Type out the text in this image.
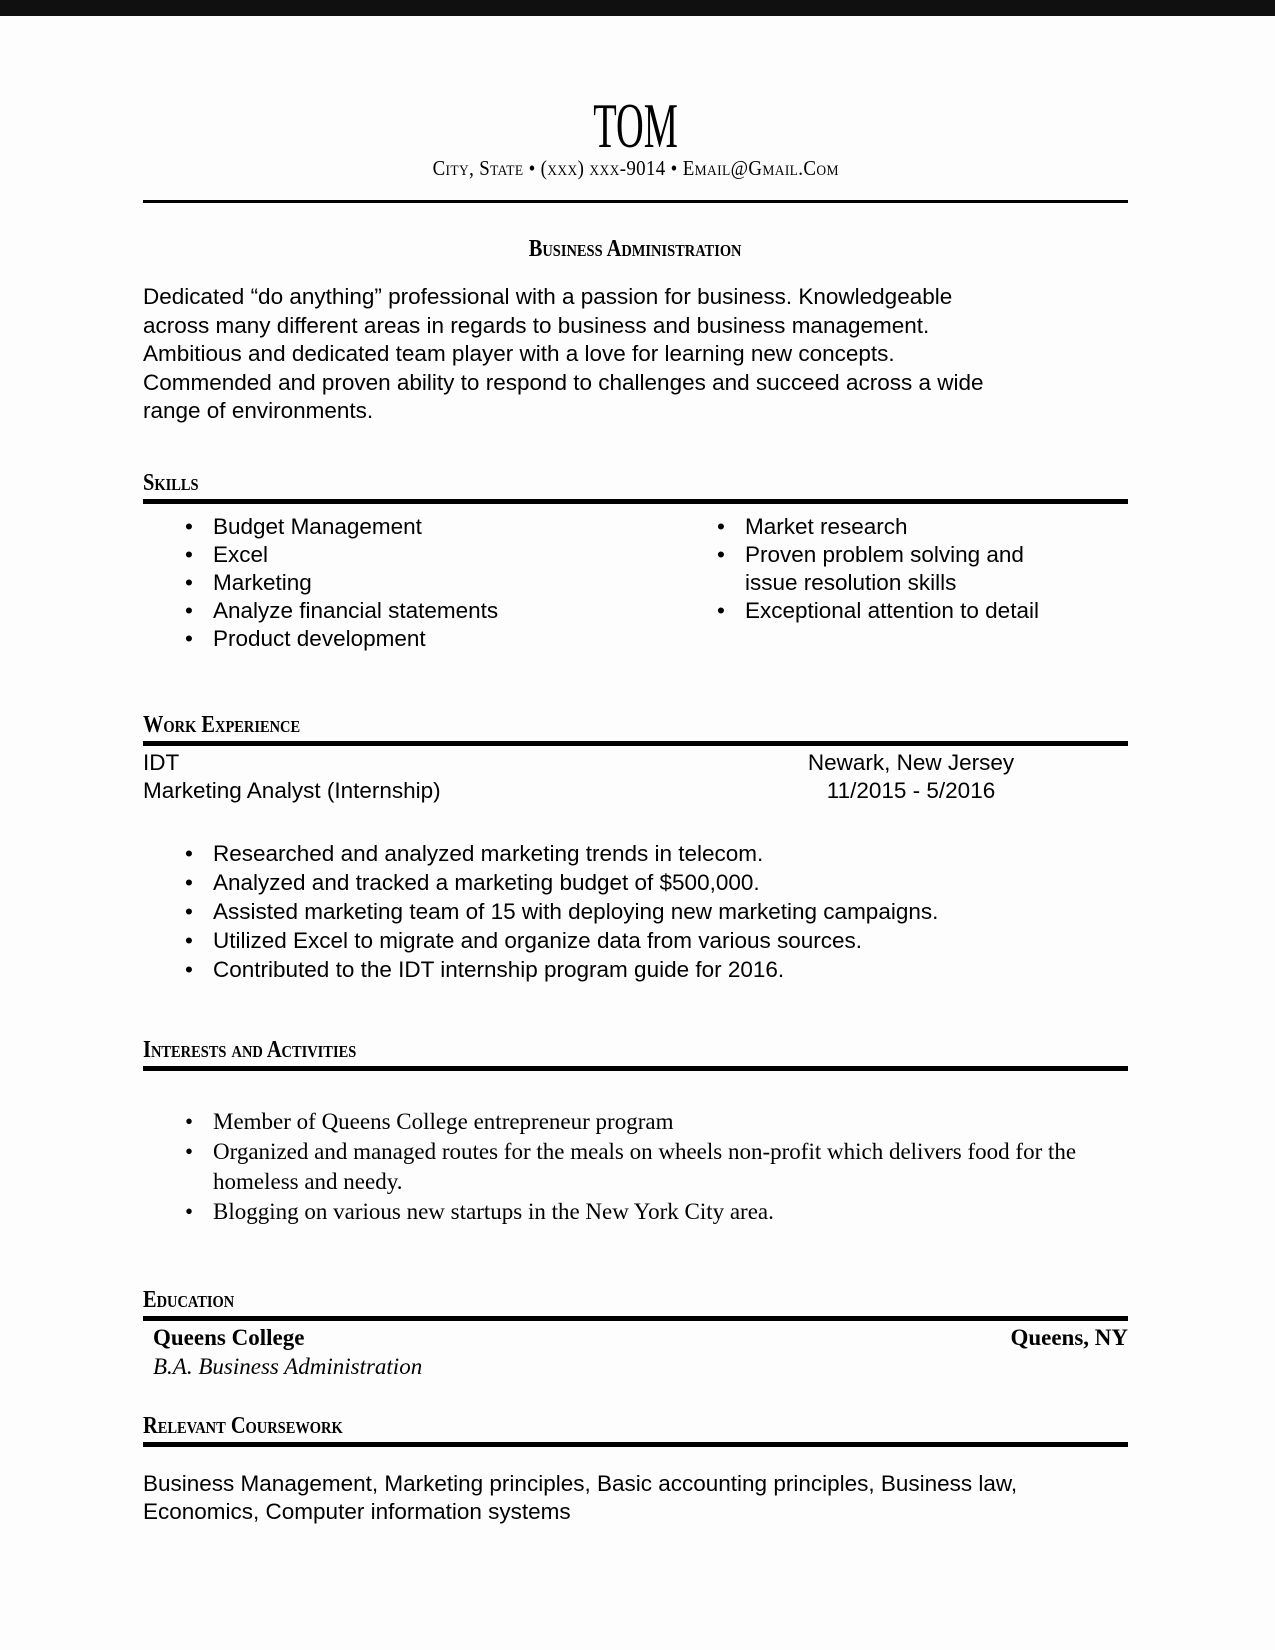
TOM
City, State • (xxx) xxx-9014 • Email@Gmail.Com
Business Administration
Dedicated “do anything” professional with a passion for business. Knowledgeable
across many different areas in regards to business and business management.
Ambitious and dedicated team player with a love for learning new concepts.
Commended and proven ability to respond to challenges and succeed across a wide
range of environments.
Skills
• Budget Management
• Excel
• Marketing
• Analyze financial statements
• Product development
• Market research
• Proven problem solving and issue resolution skills
• Exceptional attention to detail
Work Experience
IDT
Marketing Analyst (Internship)
Newark, New Jersey
11/2015 - 5/2016
• Researched and analyzed marketing trends in telecom.
• Analyzed and tracked a marketing budget of $500,000.
• Assisted marketing team of 15 with deploying new marketing campaigns.
• Utilized Excel to migrate and organize data from various sources.
• Contributed to the IDT internship program guide for 2016.
Interests and Activities
• Member of Queens College entrepreneur program
• Organized and managed routes for the meals on wheels non-profit which delivers food for the homeless and needy.
• Blogging on various new startups in the New York City area.
Education
Queens College	Queens, NY
B.A. Business Administration
Relevant Coursework
Business Management, Marketing principles, Basic accounting principles, Business law, Economics, Computer information systems
